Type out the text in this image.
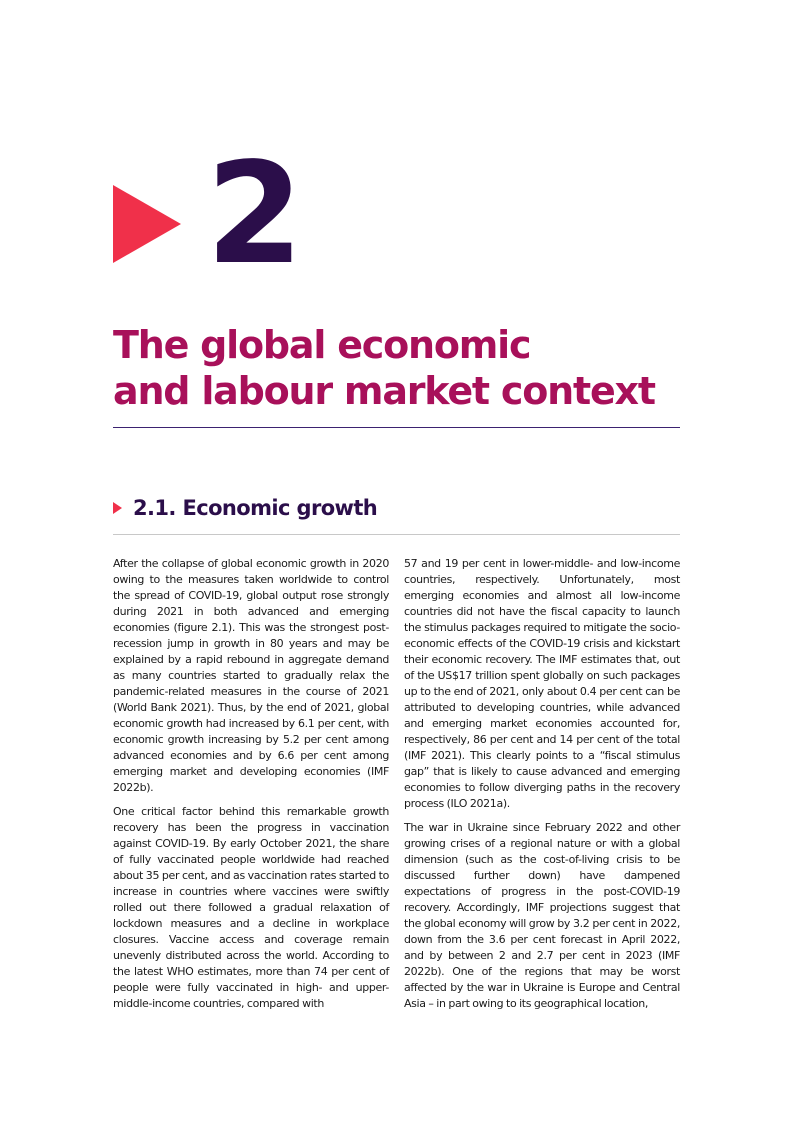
2
The global economic
and labour market context
2.1. Economic growth

After the collapse of global economic growth in 2020 owing to the measures taken worldwide to control the spread of COVID-19, global output rose strongly during 2021 in both advanced and emerging economies (figure 2.1). This was the strongest post-recession jump in growth in 80 years and may be explained by a rapid rebound in aggregate demand as many countries started to gradually relax the pandemic-related measures in the course of 2021 (World Bank 2021). Thus, by the end of 2021, global economic growth had increased by 6.1 per cent, with economic growth increasing by 5.2 per cent among advanced economies and by 6.6 per cent among emerging market and developing economies (IMF 2022b).

One critical factor behind this remarkable growth recovery has been the progress in vaccination against COVID-19. By early October 2021, the share of fully vaccinated people worldwide had reached about 35 per cent, and as vaccination rates started to increase in countries where vaccines were swiftly rolled out there followed a gradual relaxation of lockdown measures and a decline in workplace closures. Vaccine access and coverage remain unevenly distributed across the world. According to the latest WHO estimates, more than 74 per cent of people were fully vaccinated in high- and upper-middle-income countries, compared with

57 and 19 per cent in lower-middle- and low-income countries, respectively. Unfortunately, most emerging economies and almost all low-income countries did not have the fiscal capacity to launch the stimulus packages required to mitigate the socio-economic effects of the COVID-19 crisis and kickstart their economic recovery. The IMF estimates that, out of the US$17 trillion spent globally on such packages up to the end of 2021, only about 0.4 per cent can be attributed to developing countries, while advanced and emerging market economies accounted for, respectively, 86 per cent and 14 per cent of the total (IMF 2021). This clearly points to a “fiscal stimulus gap” that is likely to cause advanced and emerging economies to follow diverging paths in the recovery process (ILO 2021a).

The war in Ukraine since February 2022 and other growing crises of a regional nature or with a global dimension (such as the cost-of-living crisis to be discussed further down) have dampened expectations of progress in the post-COVID-19 recovery. Accordingly, IMF projections suggest that the global economy will grow by 3.2 per cent in 2022, down from the 3.6 per cent forecast in April 2022, and by between 2 and 2.7 per cent in 2023 (IMF 2022b). One of the regions that may be worst affected by the war in Ukraine is Europe and Central Asia – in part owing to its geographical location,
